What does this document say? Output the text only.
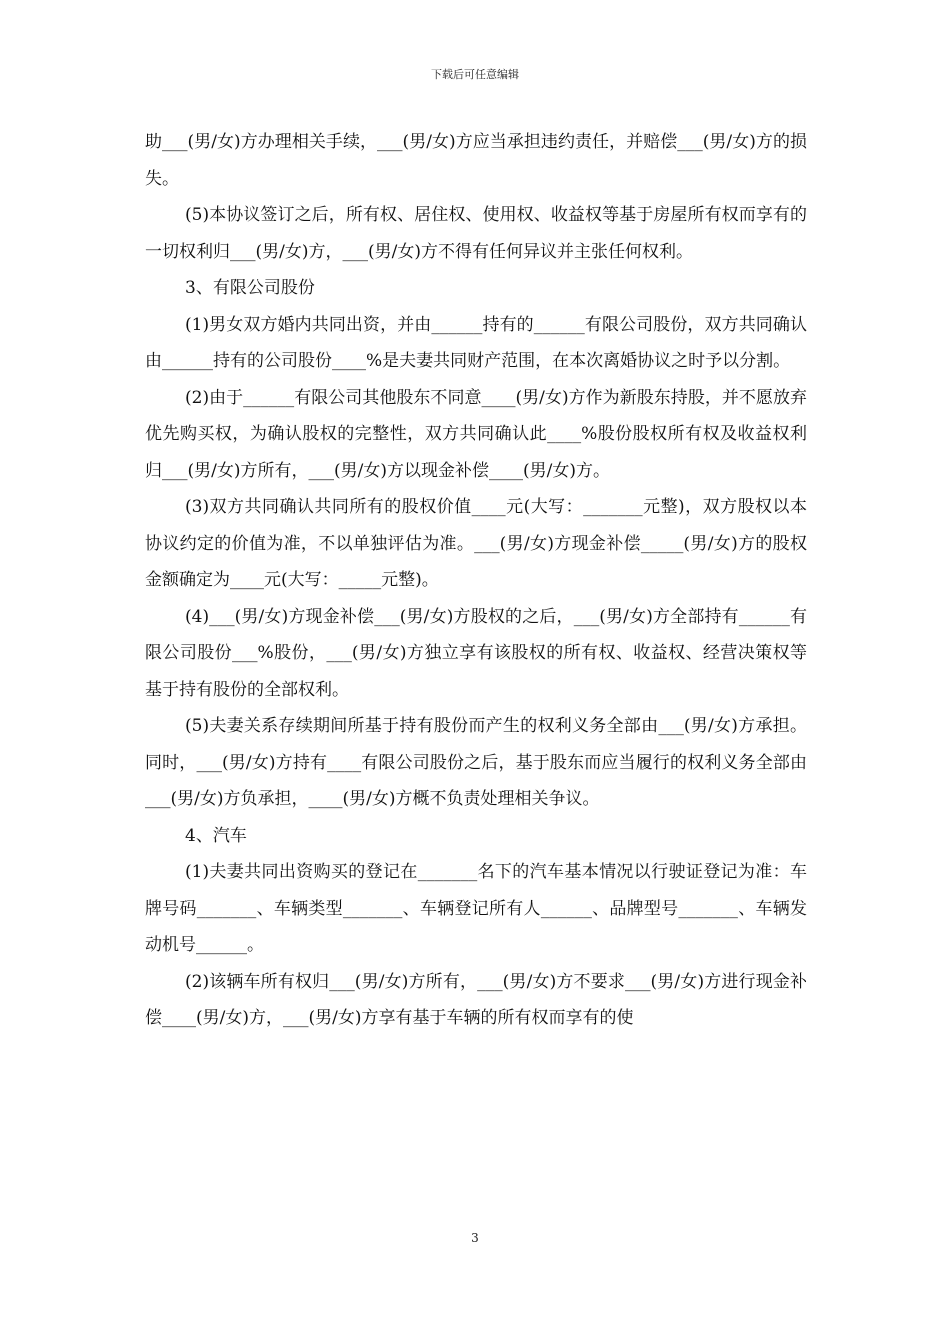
下载后可任意编辑

助___(男/女)方办理相关手续，___(男/女)方应当承担违约责任，并赔偿___(男/女)方的损失。

(5)本协议签订之后，所有权、居住权、使用权、收益权等基于房屋所有权而享有的一切权利归___(男/女)方，___(男/女)方不得有任何异议并主张任何权利。

3、有限公司股份

(1)男女双方婚内共同出资，并由______持有的______有限公司股份，双方共同确认由______持有的公司股份____%是夫妻共同财产范围，在本次离婚协议之时予以分割。

(2)由于______有限公司其他股东不同意____(男/女)方作为新股东持股，并不愿放弃优先购买权，为确认股权的完整性，双方共同确认此____%股份股权所有权及收益权利归___(男/女)方所有，___(男/女)方以现金补偿____(男/女)方。

(3)双方共同确认共同所有的股权价值____元(大写：_______元整)，双方股权以本协议约定的价值为准，不以单独评估为准。___(男/女)方现金补偿_____(男/女)方的股权金额确定为____元(大写：_____元整)。

(4)___(男/女)方现金补偿___(男/女)方股权的之后，___(男/女)方全部持有______有限公司股份___%股份，___(男/女)方独立享有该股权的所有权、收益权、经营决策权等基于持有股份的全部权利。

(5)夫妻关系存续期间所基于持有股份而产生的权利义务全部由___(男/女)方承担。同时，___(男/女)方持有____有限公司股份之后，基于股东而应当履行的权利义务全部由___(男/女)方负承担，____(男/女)方概不负责处理相关争议。

4、汽车

(1)夫妻共同出资购买的登记在_______名下的汽车基本情况以行驶证登记为准：车牌号码_______、车辆类型_______、车辆登记所有人______、品牌型号_______、车辆发动机号______。

(2)该辆车所有权归___(男/女)方所有，___(男/女)方不要求___(男/女)方进行现金补偿____(男/女)方，___(男/女)方享有基于车辆的所有权而享有的使

3
